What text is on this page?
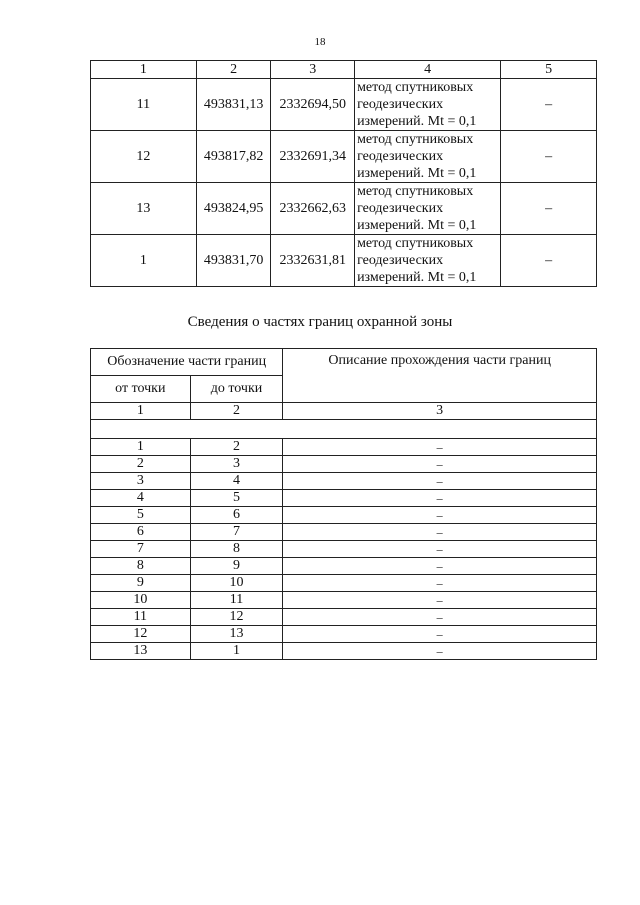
18
1	2	3	4	5
11	493831,13	2332694,50	метод спутниковых
геодезических
измерений. Mt = 0,1	–
12	493817,82	2332691,34	метод спутниковых
геодезических
измерений. Mt = 0,1	–
13	493824,95	2332662,63	метод спутниковых
геодезических
измерений. Mt = 0,1	–
1	493831,70	2332631,81	метод спутниковых
геодезических
измерений. Mt = 0,1	–
Сведения о частях границ охранной зоны
Обозначение части границ		Описание прохождения части границ
от точки	до точки	
1	2	3

1	2	–
2	3	–
3	4	–
4	5	–
5	6	–
6	7	–
7	8	–
8	9	–
9	10	–
10	11	–
11	12	–
12	13	–
13	1	–
